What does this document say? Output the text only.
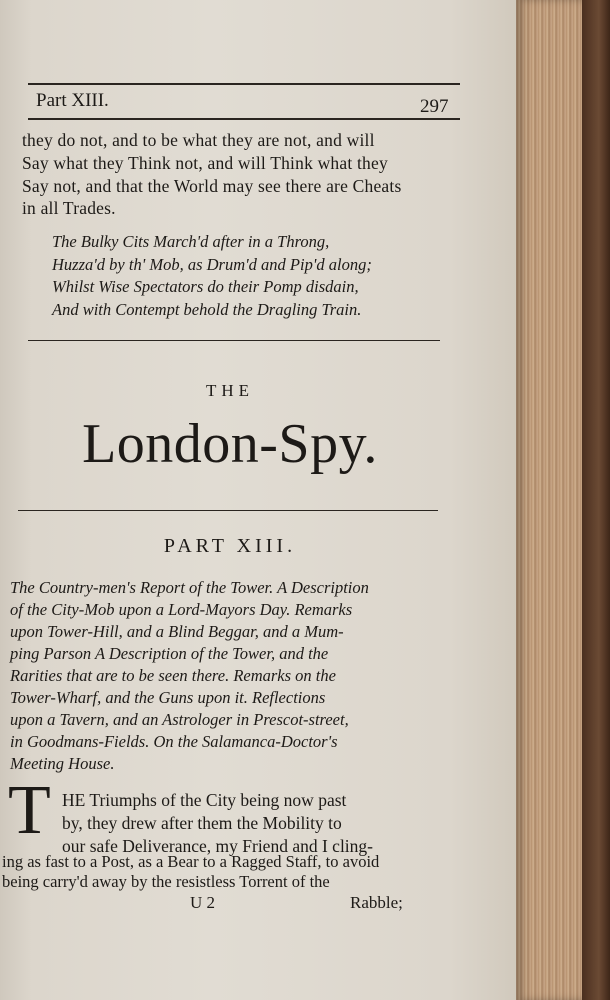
Part XIII.	297
they do not, and to be what they are not, and will
Say what they Think not, and will Think what they
Say not, and that the World may see there are Cheats
in all Trades.
The Bulky Cits March'd after in a Throng,
Huzza'd by th' Mob, as Drum'd and Pip'd along;
Whilst Wise Spectators do their Pomp disdain,
And with Contempt behold the Dragling Train.
THE
London-Spy.
PART XIII.
The Country-men's Report of the Tower. A Description
of the City-Mob upon a Lord-Mayors Day. Remarks
upon Tower-Hill, and a Blind Beggar, and a Mum-
ping Parson A Description of the Tower, and the
Rarities that are to be seen there. Remarks on the
Tower-Wharf, and the Guns upon it. Reflections
upon a Tavern, and an Astrologer in Prescot-street,
in Goodmans-Fields. On the Salamanca-Doctor's
Meeting House.
T HE Triumphs of the City being now past
by, they drew after them the Mobility to
our safe Deliverance, my Friend and I cling-
ing as fast to a Post, as a Bear to a Ragged Staff, to avoid
being carry'd away by the resistless Torrent of the
U 2	Rabble;
